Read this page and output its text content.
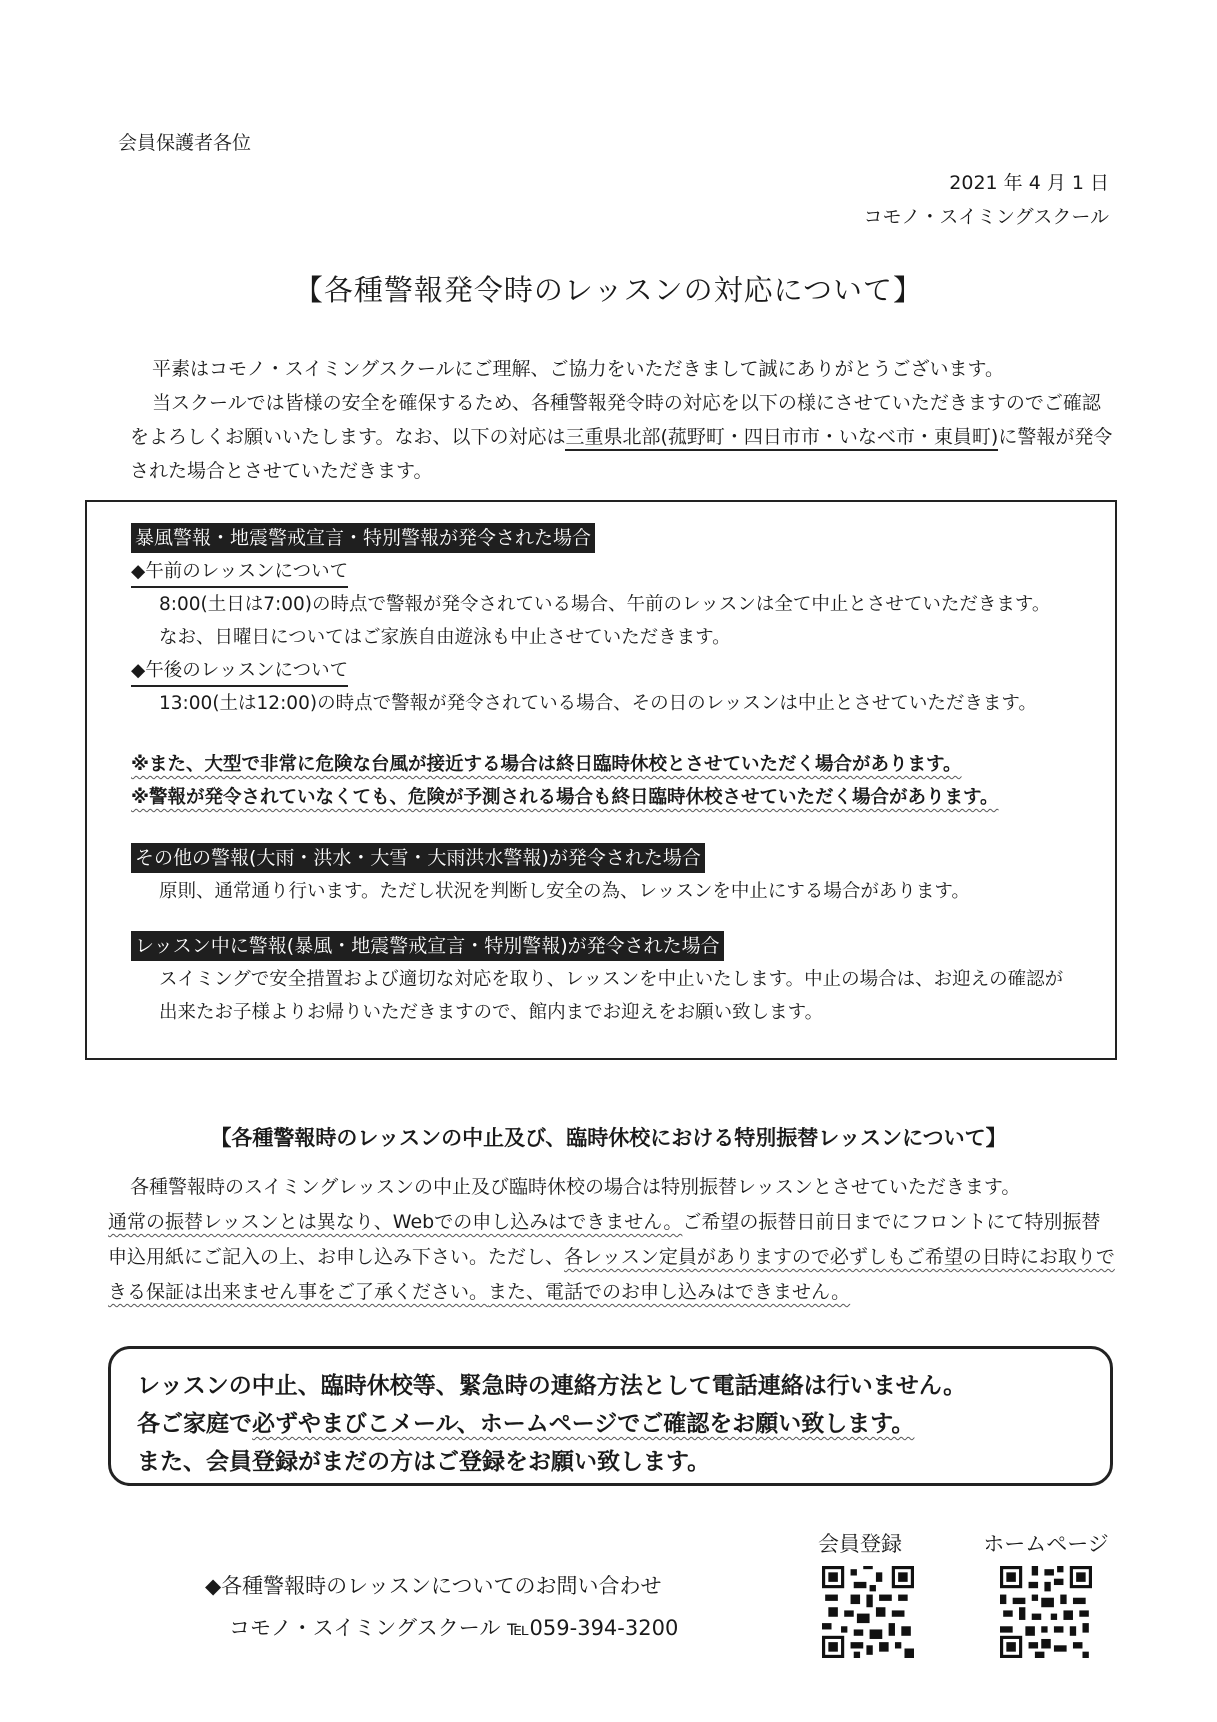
会員保護者各位
2021 年 4 月 1 日
コモノ・スイミングスクール
【各種警報発令時のレッスンの対応について】

平素はコモノ・スイミングスクールにご理解、ご協力をいただきまして誠にありがとうございます。

当スクールでは皆様の安全を確保するため、各種警報発令時の対応を以下の様にさせていただきますのでご確認をよろしくお願いいたします。なお、以下の対応は三重県北部(菰野町・四日市市・いなべ市・東員町)に警報が発令された場合とさせていただきます。

暴風警報・地震警戒宣言・特別警報が発令された場合
◆午前のレッスンについて
8:00(土日は7:00)の時点で警報が発令されている場合、午前のレッスンは全て中止とさせていただきます。
なお、日曜日についてはご家族自由遊泳も中止させていただきます。
◆午後のレッスンについて
13:00(土は12:00)の時点で警報が発令されている場合、その日のレッスンは中止とさせていただきます。
※また、大型で非常に危険な台風が接近する場合は終日臨時休校とさせていただく場合があります。
※警報が発令されていなくても、危険が予測される場合も終日臨時休校させていただく場合があります。
その他の警報(大雨・洪水・大雪・大雨洪水警報)が発令された場合
原則、通常通り行います。ただし状況を判断し安全の為、レッスンを中止にする場合があります。
レッスン中に警報(暴風・地震警戒宣言・特別警報)が発令された場合
スイミングで安全措置および適切な対応を取り、レッスンを中止いたします。中止の場合は、お迎えの確認が
出来たお子様よりお帰りいただきますので、館内までお迎えをお願い致します。
【各種警報時のレッスンの中止及び、臨時休校における特別振替レッスンについて】

各種警報時のスイミングレッスンの中止及び臨時休校の場合は特別振替レッスンとさせていただきます。

通常の振替レッスンとは異なり、Webでの申し込みはできません。ご希望の振替日前日までにフロントにて特別振替申込用紙にご記入の上、お申し込み下さい。ただし、各レッスン定員がありますので必ずしもご希望の日時にお取りできる保証は出来ません事をご了承ください。また、電話でのお申し込みはできません。

レッスンの中止、臨時休校等、緊急時の連絡方法として電話連絡は行いません。
各ご家庭で必ずやまびこメール、ホームページでご確認をお願い致します。
また、会員登録がまだの方はご登録をお願い致します。
会員登録	ホームページ
◆各種警報時のレッスンについてのお問い合わせ
コモノ・スイミングスクール ℡059-394-3200
